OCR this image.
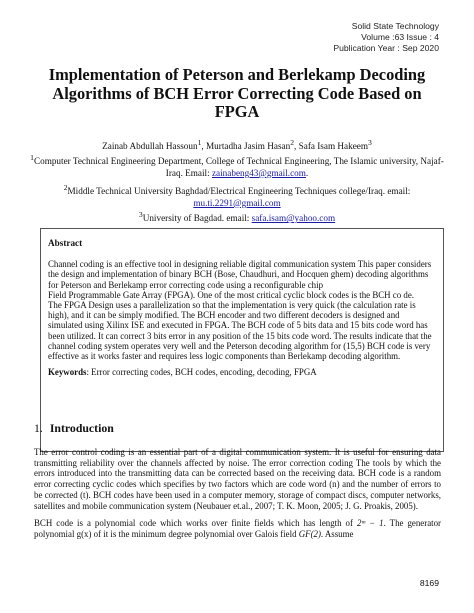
Solid State Technology
Volume :63 Issue : 4
Publication Year : Sep 2020
Implementation of Peterson and Berlekamp Decoding Algorithms of BCH Error Correcting Code Based on FPGA

Zainab Abdullah Hassoun$^1$, Murtadha Jasim Hasan$^2$, Safa Isam Hakeem$^3$

$^1$Computer Technical Engineering Department, College of Technical Engineering, The Islamic university, Najaf-Iraq. Email: zainabeng43@gmail.com.

$^2$Middle Technical University Baghdad/Electrical Engineering Techniques college/Iraq. email:
mu.ti.2291@gmail.com

$^3$University of Bagdad. email: safa.isam@yahoo.com

Abstract

Channel coding is an effective tool in designing reliable digital communication system This paper considers the design and implementation of binary BCH (Bose, Chaudhuri, and Hocquen ghem) decoding algorithms for Peterson and Berlekamp error correcting code using a reconfigurable chip

Field Programmable Gate Array (FPGA). One of the most critical cyclic block codes is the BCH co de.

The FPGA Design uses a parallelization so that the implementation is very quick (the calculation rate is high), and it can be simply modified. The BCH encoder and two different decoders is designed and simulated using Xilinx ISE and executed in FPGA. The BCH code of 5 bits data and 15 bits code word has been utilized. It can correct 3 bits error in any position of the 15 bits code word. The results indicate that the channel coding system operates very well and the Peterson decoding algorithm for (15,5) BCH code is very effective as it works faster and requires less logic components than Berlekamp decoding algorithm.

Keywords: Error correcting codes, BCH codes, encoding, decoding, FPGA

1. Introduction

The error control coding is an essential part of a digital communication system. It is useful for ensuring data transmitting reliability over the channels affected by noise. The error correction coding The tools by which the errors introduced into the transmitting data can be corrected based on the receiving data. BCH code is a random error correcting cyclic codes which specifies by two factors which are code word (n) and the number of errors to be corrected (t). BCH codes have been used in a computer memory, storage of compact discs, computer networks, satellites and mobile communication system (Neubauer et.al., 2007; T. K. Moon, 2005; J. G. Proakis, 2005).

BCH code is a polynomial code which works over finite fields which has length of 2ᵐ − 1. The generator polynomial g(x) of it is the minimum degree polynomial over Galois field GF(2). Assume

8169
